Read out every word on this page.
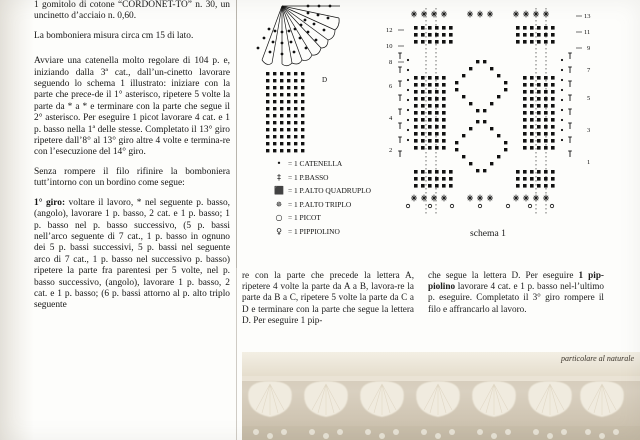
1 gomitolo di cotone “CORDONET-TO” n. 30, un uncinetto d’acciaio n. 0,60.

La bomboniera misura circa cm 15 di lato.

Avviare una catenella molto regolare di 104 p. e, iniziando dalla 3ª cat., dall’un-cinetto lavorare seguendo lo schema 1 illustrato: iniziare con la parte che prece-de il 1° asterisco, ripetere 5 volte la parte da * a * e terminare con la parte che segue il 2° asterisco. Per eseguire 1 picot lavorare 4 cat. e 1 p. basso nella 1ª delle stesse. Completato il 13° giro ripetere dall’8° al 13° giro altre 4 volte e termina-re con l’esecuzione del 14° giro.

Senza rompere il filo rifinire la bomboniera tutt’intorno con un bordino come segue:

1° giro: voltare il lavoro, * nel seguente p. basso, (angolo), lavorare 1 p. basso, 2 cat. e 1 p. basso; 1 p. basso nel p. basso successivo, (5 p. bassi nell’arco seguente di 7 cat., 1 p. basso in ognuno dei 5 p. bassi successivi, 5 p. bassi nel seguente arco di 7 cat., 1 p. basso nel successivo p. basso) ripetere la parte fra parentesi per 5 volte, nel p. basso successivo, (angolo), lavorare 1 p. basso, 2 cat. e 1 p. basso; (6 p. bassi attorno al p. alto triplo seguente

D
12
10
8
6
4
2
13
11
9
7
5
3
1
schema 1
• = 1 CATENELLA
‡ = 1 P.BASSO
⬛ = 1 P.ALTO QUADRUPLO
✵ = 1 P.ALTO TRIPLO
○ = 1 PICOT
♀ = 1 PIPPIOLINO

re con la parte che precede la lettera A, ripetere 4 volte la parte da A a B, lavora-re la parte da B a C, ripetere 5 volte la parte da C a D e terminare con la parte che segue la lettera D. Per eseguire 1 pip-

che segue la lettera D. Per eseguire 1 pip-piolino lavorare 4 cat. e 1 p. basso nel-l’ultimo p. eseguire. Completato il 3° giro rompere il filo e affrancarlo al lavoro.

particolare al naturale
